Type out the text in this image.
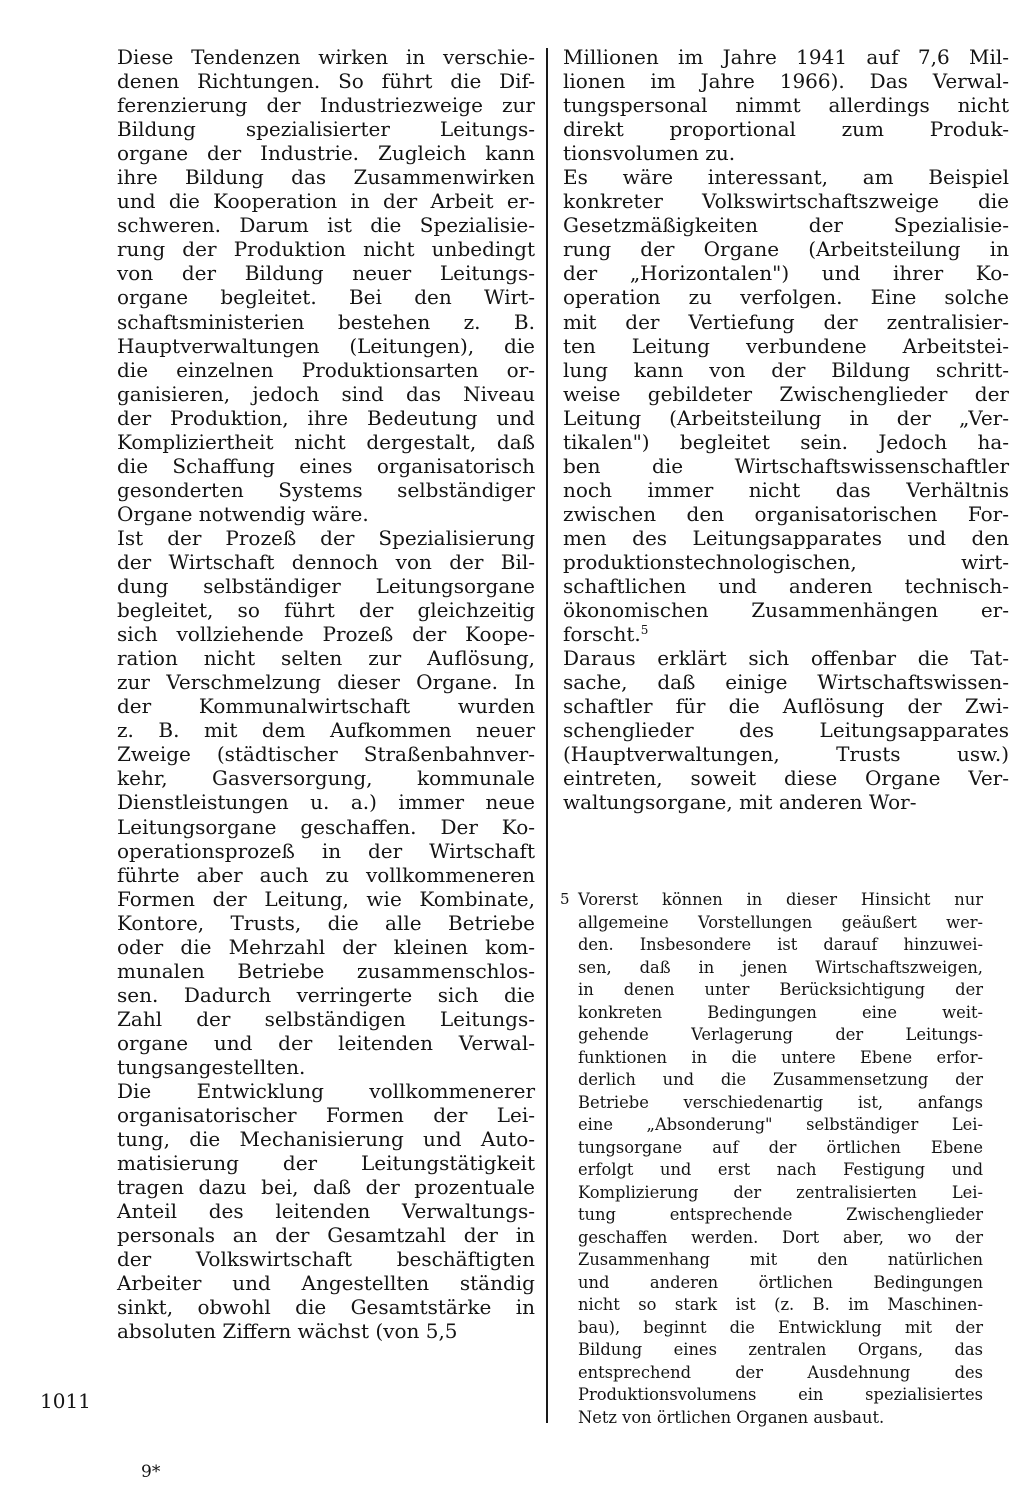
Diese Tendenzen wirken in verschie-
denen Richtungen. So führt die Dif-
ferenzierung der Industriezweige zur
Bildung spezialisierter Leitungs-
organe der Industrie. Zugleich kann
ihre Bildung das Zusammenwirken
und die Kooperation in der Arbeit er-
schweren. Darum ist die Spezialisie-
rung der Produktion nicht unbedingt
von der Bildung neuer Leitungs-
organe begleitet. Bei den Wirt-
schaftsministerien bestehen z. B.
Hauptverwaltungen (Leitungen), die
die einzelnen Produktionsarten or-
ganisieren, jedoch sind das Niveau
der Produktion, ihre Bedeutung und
Kompliziertheit nicht dergestalt, daß
die Schaffung eines organisatorisch
gesonderten Systems selbständiger
Organe notwendig wäre.

Ist der Prozeß der Spezialisierung
der Wirtschaft dennoch von der Bil-
dung selbständiger Leitungsorgane
begleitet, so führt der gleichzeitig
sich vollziehende Prozeß der Koope-
ration nicht selten zur Auflösung,
zur Verschmelzung dieser Organe. In
der Kommunalwirtschaft wurden
z. B. mit dem Aufkommen neuer
Zweige (städtischer Straßenbahnver-
kehr, Gasversorgung, kommunale
Dienstleistungen u. a.) immer neue
Leitungsorgane geschaffen. Der Ko-
operationsprozeß in der Wirtschaft
führte aber auch zu vollkommeneren
Formen der Leitung, wie Kombinate,
Kontore, Trusts, die alle Betriebe
oder die Mehrzahl der kleinen kom-
munalen Betriebe zusammenschlos-
sen. Dadurch verringerte sich die
Zahl der selbständigen Leitungs-
organe und der leitenden Verwal-
tungsangestellten.

Die Entwicklung vollkommenerer
organisatorischer Formen der Lei-
tung, die Mechanisierung und Auto-
matisierung der Leitungstätigkeit
tragen dazu bei, daß der prozentuale
Anteil des leitenden Verwaltungs-
personals an der Gesamtzahl der in
der Volkswirtschaft beschäftigten
Arbeiter und Angestellten ständig
sinkt, obwohl die Gesamtstärke in
absoluten Ziffern wächst (von 5,5

Millionen im Jahre 1941 auf 7,6 Mil-
lionen im Jahre 1966). Das Verwal-
tungspersonal nimmt allerdings nicht
direkt proportional zum Produk-
tionsvolumen zu.

Es wäre interessant, am Beispiel
konkreter Volkswirtschaftszweige die
Gesetzmäßigkeiten der Spezialisie-
rung der Organe (Arbeitsteilung in
der „Horizontalen") und ihrer Ko-
operation zu verfolgen. Eine solche
mit der Vertiefung der zentralisier-
ten Leitung verbundene Arbeitstei-
lung kann von der Bildung schritt-
weise gebildeter Zwischenglieder der
Leitung (Arbeitsteilung in der „Ver-
tikalen") begleitet sein. Jedoch ha-
ben die Wirtschaftswissenschaftler
noch immer nicht das Verhältnis
zwischen den organisatorischen For-
men des Leitungsapparates und den
produktionstechnologischen, wirt-
schaftlichen und anderen technisch-
ökonomischen Zusammenhängen er-
forscht.$^5$

Daraus erklärt sich offenbar die Tat-
sache, daß einige Wirtschaftswissen-
schaftler für die Auflösung der Zwi-
schenglieder des Leitungsapparates
(Hauptverwaltungen, Trusts usw.)
eintreten, soweit diese Organe Ver-
waltungsorgane, mit anderen Wor-

5 Vorerst können in dieser Hinsicht nur
allgemeine Vorstellungen geäußert wer-
den. Insbesondere ist darauf hinzuwei-
sen, daß in jenen Wirtschaftszweigen,
in denen unter Berücksichtigung der
konkreten Bedingungen eine weit-
gehende Verlagerung der Leitungs-
funktionen in die untere Ebene erfor-
derlich und die Zusammensetzung der
Betriebe verschiedenartig ist, anfangs
eine „Absonderung" selbständiger Lei-
tungsorgane auf der örtlichen Ebene
erfolgt und erst nach Festigung und
Komplizierung der zentralisierten Lei-
tung entsprechende Zwischenglieder
geschaffen werden. Dort aber, wo der
Zusammenhang mit den natürlichen
und anderen örtlichen Bedingungen
nicht so stark ist (z. B. im Maschinen-
bau), beginnt die Entwicklung mit der
Bildung eines zentralen Organs, das
entsprechend der Ausdehnung des
Produktionsvolumens ein spezialisiertes
Netz von örtlichen Organen ausbaut.
1011
9*
